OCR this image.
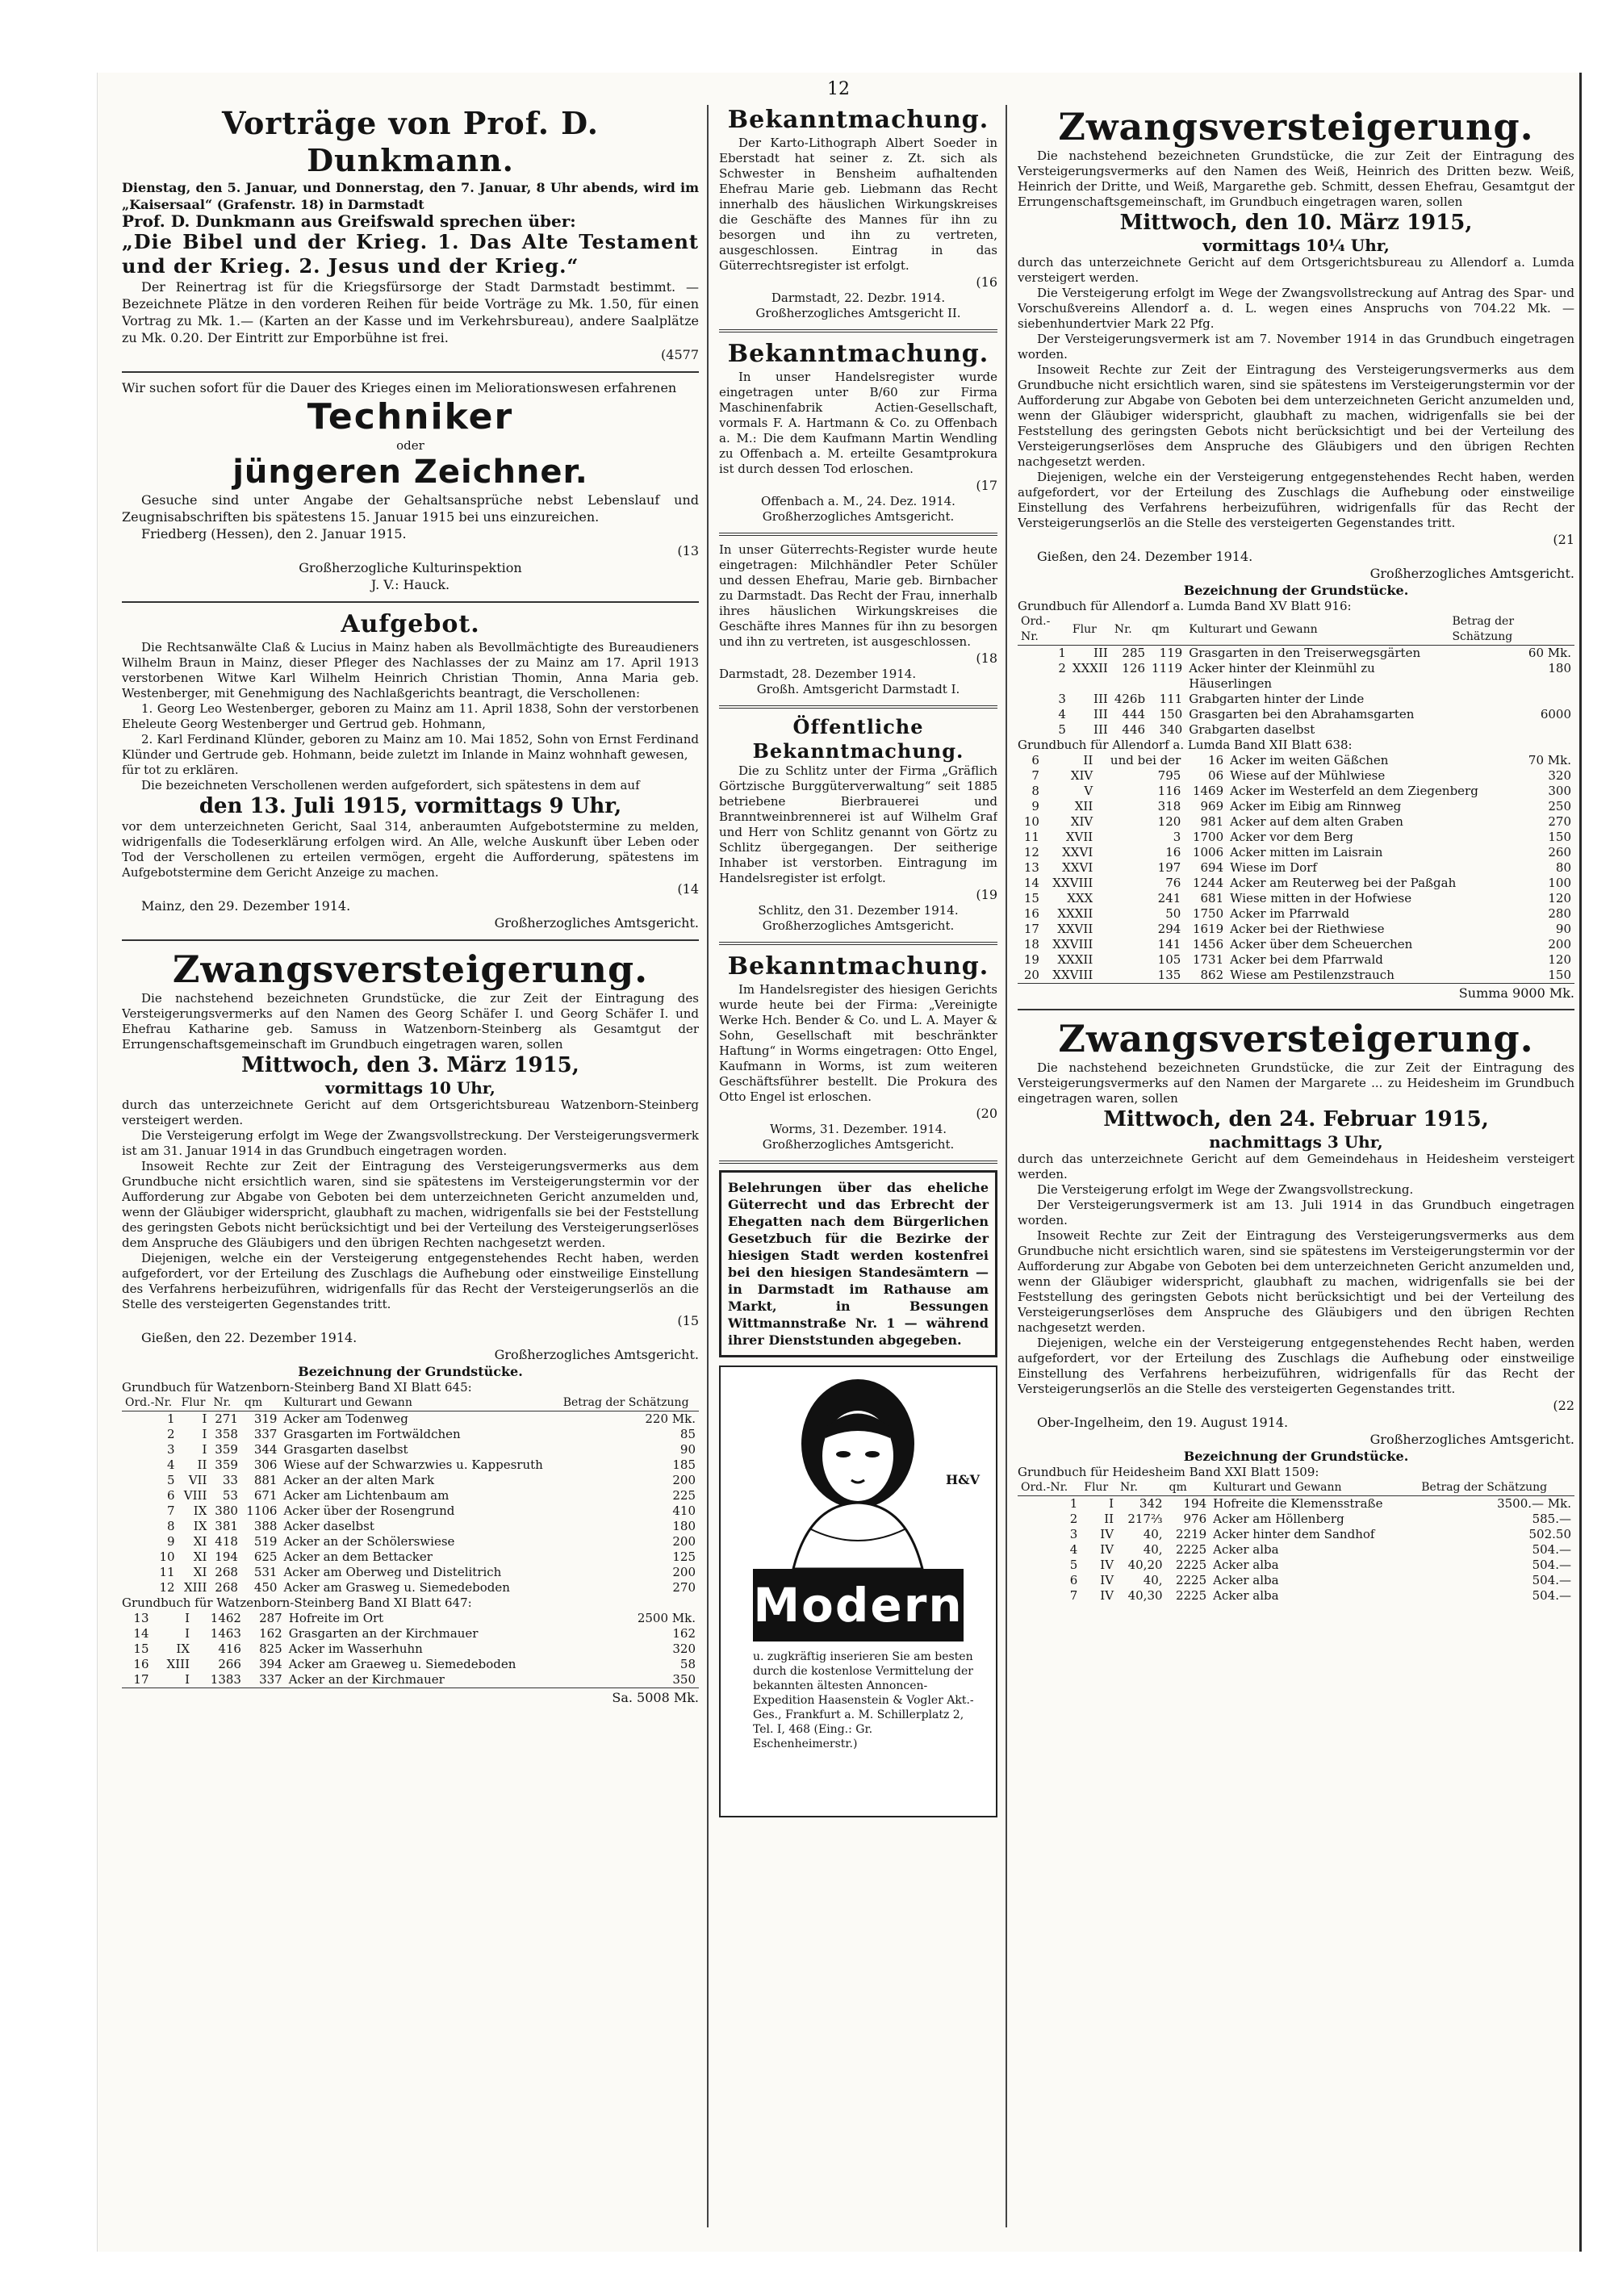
12
Vorträge von Prof. D. Dunkmann.
Dienstag, den 5. Januar, und Donnerstag, den 7. Januar, 8 Uhr abends, wird im „Kaisersaal“ (Grafenstr. 18) in Darmstadt
Prof. D. Dunkmann aus Greifswald sprechen über:
„Die Bibel und der Krieg. 1. Das Alte Testament und der Krieg. 2. Jesus und der Krieg.“
Der Reinertrag ist für die Kriegsfürsorge der Stadt Darmstadt bestimmt. — Bezeichnete Plätze in den vorderen Reihen für beide Vorträge zu Mk. 1.50, für einen Vortrag zu Mk. 1.— (Karten an der Kasse und im Verkehrsbureau), andere Saalplätze zu Mk. 0.20. Der Eintritt zur Emporbühne ist frei.
(4577
Wir suchen sofort für die Dauer des Krieges einen im Meliorationswesen erfahrenen
Techniker
oder
jüngeren Zeichner.
Gesuche sind unter Angabe der Gehaltsansprüche nebst Lebenslauf und Zeugnisabschriften bis spätestens 15. Januar 1915 bei uns einzureichen.
Friedberg (Hessen), den 2. Januar 1915.
(13
Großherzogliche Kulturinspektion
J. V.: Hauck.
Aufgebot.
Die Rechtsanwälte Claß & Lucius in Mainz haben als Bevollmächtigte des Bureaudieners Wilhelm Braun in Mainz, dieser Pfleger des Nachlasses der zu Mainz am 17. April 1913 verstorbenen Witwe Karl Wilhelm Heinrich Christian Thomin, Anna Maria geb. Westenberger, mit Genehmigung des Nachlaßgerichts beantragt, die Verschollenen:
1. Georg Leo Westenberger, geboren zu Mainz am 11. April 1838, Sohn der verstorbenen Eheleute Georg Westenberger und Gertrud geb. Hohmann,
2. Karl Ferdinand Klünder, geboren zu Mainz am 10. Mai 1852, Sohn von Ernst Ferdinand Klünder und Gertrude geb. Hohmann, beide zuletzt im Inlande in Mainz wohnhaft gewesen,
für tot zu erklären.
Die bezeichneten Verschollenen werden aufgefordert, sich spätestens in dem auf
den 13. Juli 1915, vormittags 9 Uhr,
vor dem unterzeichneten Gericht, Saal 314, anberaumten Aufgebotstermine zu melden, widrigenfalls die Todeserklärung erfolgen wird. An Alle, welche Auskunft über Leben oder Tod der Verschollenen zu erteilen vermögen, ergeht die Aufforderung, spätestens im Aufgebotstermine dem Gericht Anzeige zu machen.
(14
Mainz, den 29. Dezember 1914.
Großherzogliches Amtsgericht.
Zwangsversteigerung.
Die nachstehend bezeichneten Grundstücke, die zur Zeit der Eintragung des Versteigerungsvermerks auf den Namen des Georg Schäfer I. und Georg Schäfer I. und Ehefrau Katharine geb. Samuss in Watzenborn-Steinberg als Gesamtgut der Errungenschaftsgemeinschaft im Grundbuch eingetragen waren, sollen
Mittwoch, den 3. März 1915,
vormittags 10 Uhr,
durch das unterzeichnete Gericht auf dem Ortsgerichtsbureau Watzenborn-Steinberg versteigert werden.
Die Versteigerung erfolgt im Wege der Zwangsvollstreckung. Der Versteigerungsvermerk ist am 31. Januar 1914 in das Grundbuch eingetragen worden.
Insoweit Rechte zur Zeit der Eintragung des Versteigerungsvermerks aus dem Grundbuche nicht ersichtlich waren, sind sie spätestens im Versteigerungstermin vor der Aufforderung zur Abgabe von Geboten bei dem unterzeichneten Gericht anzumelden und, wenn der Gläubiger widerspricht, glaubhaft zu machen, widrigenfalls sie bei der Feststellung des geringsten Gebots nicht berücksichtigt und bei der Verteilung des Versteigerungserlöses dem Anspruche des Gläubigers und den übrigen Rechten nachgesetzt werden.
Diejenigen, welche ein der Versteigerung entgegenstehendes Recht haben, werden aufgefordert, vor der Erteilung des Zuschlags die Aufhebung oder einstweilige Einstellung des Verfahrens herbeizuführen, widrigenfalls für das Recht der Versteigerungserlös an die Stelle des versteigerten Gegenstandes tritt.
(15
Gießen, den 22. Dezember 1914.
Großherzogliches Amtsgericht.
Bezeichnung der Grundstücke.
Grundbuch für Watzenborn-Steinberg Band XI Blatt 645:
Ord.-Nr.	Flur	Nr.	qm	Kulturart und Gewann	Betrag der Schätzung
1	I	271	319	Acker am Todenweg	220 Mk.
2	I	358	337	Grasgarten im Fortwäldchen	85
3	I	359	344	Grasgarten daselbst	90
4	II	359	306	Wiese auf der Schwarzwies u. Kappesruth	185
5	VII	33	881	Acker an der alten Mark	200
6	VIII	53	671	Acker am Lichtenbaum am	225
7	IX	380	1106	Acker über der Rosengrund	410
8	IX	381	388	Acker daselbst	180
9	XI	418	519	Acker an der Schölerswiese	200
10	XI	194	625	Acker an dem Bettacker	125
11	XI	268	531	Acker am Oberweg und Distelitrich	200
12	XIII	268	450	Acker am Grasweg u. Siemedeboden	270
Grundbuch für Watzenborn-Steinberg Band XI Blatt 647:
13	I	1462	287	Hofreite im Ort	2500 Mk.
14	I	1463	162	Grasgarten an der Kirchmauer	162
15	IX	416	825	Acker im Wasserhuhn	320
16	XIII	266	394	Acker am Graeweg u. Siemedeboden	58
17	I	1383	337	Acker an der Kirchmauer	350
Sa. 5008 Mk.
Bekanntmachung.
Der Karto-Lithograph Albert Soeder in Eberstadt hat seiner z. Zt. sich als Schwester in Bensheim aufhaltenden Ehefrau Marie geb. Liebmann das Recht innerhalb des häuslichen Wirkungskreises die Geschäfte des Mannes für ihn zu besorgen und ihn zu vertreten, ausgeschlossen. Eintrag in das Güterrechtsregister ist erfolgt.
(16
Darmstadt, 22. Dezbr. 1914.
Großherzogliches Amtsgericht II.
Bekanntmachung.
In unser Handelsregister wurde eingetragen unter B/60 zur Firma Maschinenfabrik Actien-Gesellschaft, vormals F. A. Hartmann & Co. zu Offenbach a. M.: Die dem Kaufmann Martin Wendling zu Offenbach a. M. erteilte Gesamtprokura ist durch dessen Tod erloschen.
(17
Offenbach a. M., 24. Dez. 1914.
Großherzogliches Amtsgericht.
In unser Güterrechts-Register wurde heute eingetragen: Milchhändler Peter Schüler und dessen Ehefrau, Marie geb. Birnbacher zu Darmstadt. Das Recht der Frau, innerhalb ihres häuslichen Wirkungskreises die Geschäfte ihres Mannes für ihn zu besorgen und ihn zu vertreten, ist ausgeschlossen.
(18
Darmstadt, 28. Dezember 1914.
Großh. Amtsgericht Darmstadt I.
Öffentliche Bekanntmachung.
Die zu Schlitz unter der Firma „Gräflich Görtzische Burggüterverwaltung“ seit 1885 betriebene Bierbrauerei und Branntweinbrennerei ist auf Wilhelm Graf und Herr von Schlitz genannt von Görtz zu Schlitz übergegangen. Der seitherige Inhaber ist verstorben. Eintragung im Handelsregister ist erfolgt.
(19
Schlitz, den 31. Dezember 1914.
Großherzogliches Amtsgericht.
Bekanntmachung.
Im Handelsregister des hiesigen Gerichts wurde heute bei der Firma: „Vereinigte Werke Hch. Bender & Co. und L. A. Mayer & Sohn, Gesellschaft mit beschränkter Haftung“ in Worms eingetragen: Otto Engel, Kaufmann in Worms, ist zum weiteren Geschäftsführer bestellt. Die Prokura des Otto Engel ist erloschen.
(20
Worms, 31. Dezember. 1914.
Großherzogliches Amtsgericht.
Belehrungen über das eheliche Güterrecht und das Erbrecht der Ehegatten nach dem Bürgerlichen Gesetzbuch für die Bezirke der hiesigen Stadt werden kostenfrei bei den hiesigen Standesämtern — in Darmstadt im Rathause am Markt, in Bessungen Wittmannstraße Nr. 1 — während ihrer Dienststunden abgegeben.
H&V
Modern
u. zugkräftig inserieren Sie am besten durch die kostenlose Vermittelung der bekannten ältesten Annoncen-Expedition Haasenstein & Vogler Akt.-Ges., Frankfurt a. M. Schillerplatz 2, Tel. I, 468 (Eing.: Gr. Eschenheimerstr.)
Zwangsversteigerung.
Die nachstehend bezeichneten Grundstücke, die zur Zeit der Eintragung des Versteigerungsvermerks auf den Namen des Weiß, Heinrich des Dritten bezw. Weiß, Heinrich der Dritte, und Weiß, Margarethe geb. Schmitt, dessen Ehefrau, Gesamtgut der Errungenschaftsgemeinschaft, im Grundbuch eingetragen waren, sollen
Mittwoch, den 10. März 1915,
vormittags 10¼ Uhr,
durch das unterzeichnete Gericht auf dem Ortsgerichtsbureau zu Allendorf a. Lumda versteigert werden.
Die Versteigerung erfolgt im Wege der Zwangsvollstreckung auf Antrag des Spar- und Vorschußvereins Allendorf a. d. L. wegen eines Anspruchs von 704.22 Mk. — siebenhundertvier Mark 22 Pfg.
Der Versteigerungsvermerk ist am 7. November 1914 in das Grundbuch eingetragen worden.
Insoweit Rechte zur Zeit der Eintragung des Versteigerungsvermerks aus dem Grundbuche nicht ersichtlich waren, sind sie spätestens im Versteigerungstermin vor der Aufforderung zur Abgabe von Geboten bei dem unterzeichneten Gericht anzumelden und, wenn der Gläubiger widerspricht, glaubhaft zu machen, widrigenfalls sie bei der Feststellung des geringsten Gebots nicht berücksichtigt und bei der Verteilung des Versteigerungserlöses dem Anspruche des Gläubigers und den übrigen Rechten nachgesetzt werden.
Diejenigen, welche ein der Versteigerung entgegenstehendes Recht haben, werden aufgefordert, vor der Erteilung des Zuschlags die Aufhebung oder einstweilige Einstellung des Verfahrens herbeizuführen, widrigenfalls für das Recht der Versteigerungserlös an die Stelle des versteigerten Gegenstandes tritt.
(21
Gießen, den 24. Dezember 1914.
Großherzogliches Amtsgericht.
Bezeichnung der Grundstücke.
Grundbuch für Allendorf a. Lumda Band XV Blatt 916:
Ord.-Nr.	Flur	Nr.	qm	Kulturart und Gewann	Betrag der Schätzung
1	III	285	119	Grasgarten in den Treiserwegsgärten	60 Mk.
2	XXXII	126	1119	Acker hinter der Kleinmühl zu Häuserlingen	180
3	III	426b	111	Grabgarten hinter der Linde	
4	III	444	150	Grasgarten bei den Abrahamsgarten	6000
5	III	446	340	Grabgarten daselbst	
Grundbuch für Allendorf a. Lumda Band XII Blatt 638:
6	II	und bei der	16	Acker im weiten Gäßchen	70 Mk.
7	XIV	795	06	Wiese auf der Mühlwiese	320
8	V	116	1469	Acker im Westerfeld an dem Ziegenberg	300
9	XII	318	969	Acker im Eibig am Rinnweg	250
10	XIV	120	981	Acker auf dem alten Graben	270
11	XVII	3	1700	Acker vor dem Berg	150
12	XXVI	16	1006	Acker mitten im Laisrain	260
13	XXVI	197	694	Wiese im Dorf	80
14	XXVIII	76	1244	Acker am Reuterweg bei der Paßgah	100
15	XXX	241	681	Wiese mitten in der Hofwiese	120
16	XXXII	50	1750	Acker im Pfarrwald	280
17	XXVII	294	1619	Acker bei der Riethwiese	90
18	XXVIII	141	1456	Acker über dem Scheuerchen	200
19	XXXII	105	1731	Acker bei dem Pfarrwald	120
20	XXVIII	135	862	Wiese am Pestilenzstrauch	150
Summa 9000 Mk.
Zwangsversteigerung.
Die nachstehend bezeichneten Grundstücke, die zur Zeit der Eintragung des Versteigerungsvermerks auf den Namen der Margarete ... zu Heidesheim im Grundbuch eingetragen waren, sollen
Mittwoch, den 24. Februar 1915,
nachmittags 3 Uhr,
durch das unterzeichnete Gericht auf dem Gemeindehaus in Heidesheim versteigert werden.
Die Versteigerung erfolgt im Wege der Zwangsvollstreckung.
Der Versteigerungsvermerk ist am 13. Juli 1914 in das Grundbuch eingetragen worden.
Insoweit Rechte zur Zeit der Eintragung des Versteigerungsvermerks aus dem Grundbuche nicht ersichtlich waren, sind sie spätestens im Versteigerungstermin vor der Aufforderung zur Abgabe von Geboten bei dem unterzeichneten Gericht anzumelden und, wenn der Gläubiger widerspricht, glaubhaft zu machen, widrigenfalls sie bei der Feststellung des geringsten Gebots nicht berücksichtigt und bei der Verteilung des Versteigerungserlöses dem Anspruche des Gläubigers und den übrigen Rechten nachgesetzt werden.
Diejenigen, welche ein der Versteigerung entgegenstehendes Recht haben, werden aufgefordert, vor der Erteilung des Zuschlags die Aufhebung oder einstweilige Einstellung des Verfahrens herbeizuführen, widrigenfalls für das Recht der Versteigerungserlös an die Stelle des versteigerten Gegenstandes tritt.
(22
Ober-Ingelheim, den 19. August 1914.
Großherzogliches Amtsgericht.
Bezeichnung der Grundstücke.
Grundbuch für Heidesheim Band XXI Blatt 1509:
Ord.-Nr.	Flur	Nr.	qm	Kulturart und Gewann	Betrag der Schätzung
1	I	342	194	Hofreite die Klemensstraße	3500.— Mk.
2	II	217⅔	976	Acker am Höllenberg	585.—
3	IV	40,	2219	Acker hinter dem Sandhof	502.50
4	IV	40,	2225	Acker alba	504.—
5	IV	40,20	2225	Acker alba	504.—
6	IV	40,	2225	Acker alba	504.—
7	IV	40,30	2225	Acker alba	504.—
